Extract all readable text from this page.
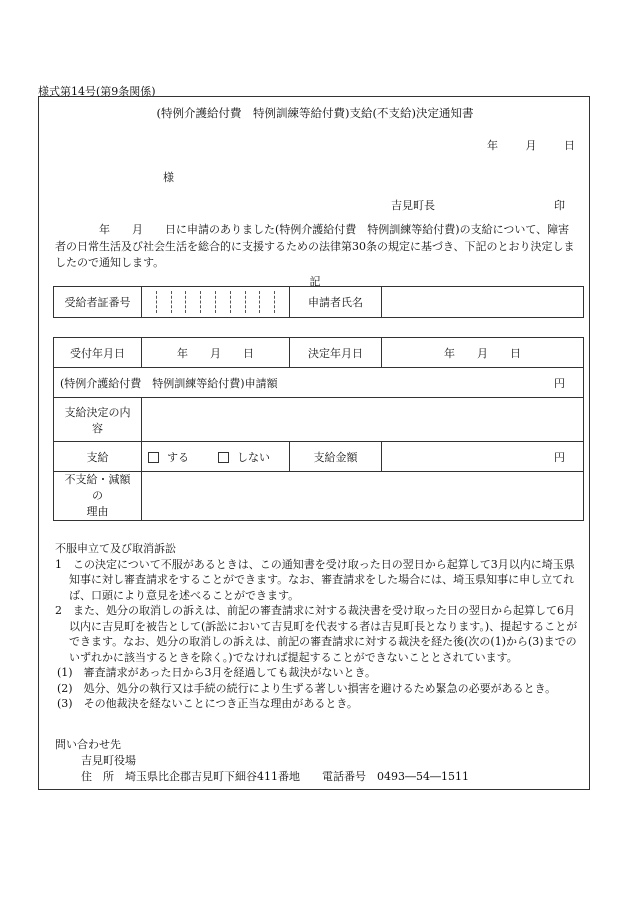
様式第14号(第9条関係)
(特例介護給付費　特例訓練等給付費)支給(不支給)決定通知書
年	月	日
様
吉見町長	印
　　　　年　　月　　日に申請のありました(特例介護給付費　特例訓練等給付費)の支給について、障害者の日常生活及び社会生活を総合的に支援するための法律第30条の規定に基づき、下記のとおり決定しましたので通知します。
記
受給者証番号		申請者氏名	
受付年月日	年　　月　　日	決定年月日	年　　月　　日
(特例介護給付費　特例訓練等給付費)申請額 円			

支給決定の内容			
支給	する しない	支給金額	円
不支給・減額の
理由			

不服申立て及び取消訴訟

1　この決定について不服があるときは、この通知書を受け取った日の翌日から起算して3月以内に埼玉県知事に対し審査請求をすることができます。なお、審査請求をした場合には、埼玉県知事に申し立てれば、口頭により意見を述べることができます。

2　また、処分の取消しの訴えは、前記の審査請求に対する裁決書を受け取った日の翌日から起算して6月以内に吉見町を被告として(訴訟において吉見町を代表する者は吉見町長となります。)、提起することができます。なお、処分の取消しの訴えは、前記の審査請求に対する裁決を経た後(次の(1)から(3)までのいずれかに該当するときを除く。)でなければ提起することができないこととされています。

(1)　審査請求があった日から3月を経過しても裁決がないとき。

(2)　処分、処分の執行又は手続の続行により生ずる著しい損害を避けるため緊急の必要があるとき。

(3)　その他裁決を経ないことにつき正当な理由があるとき。

問い合わせ先
吉見町役場
住　所　埼玉県比企郡吉見町下細谷411番地　　電話番号　0493―54―1511
